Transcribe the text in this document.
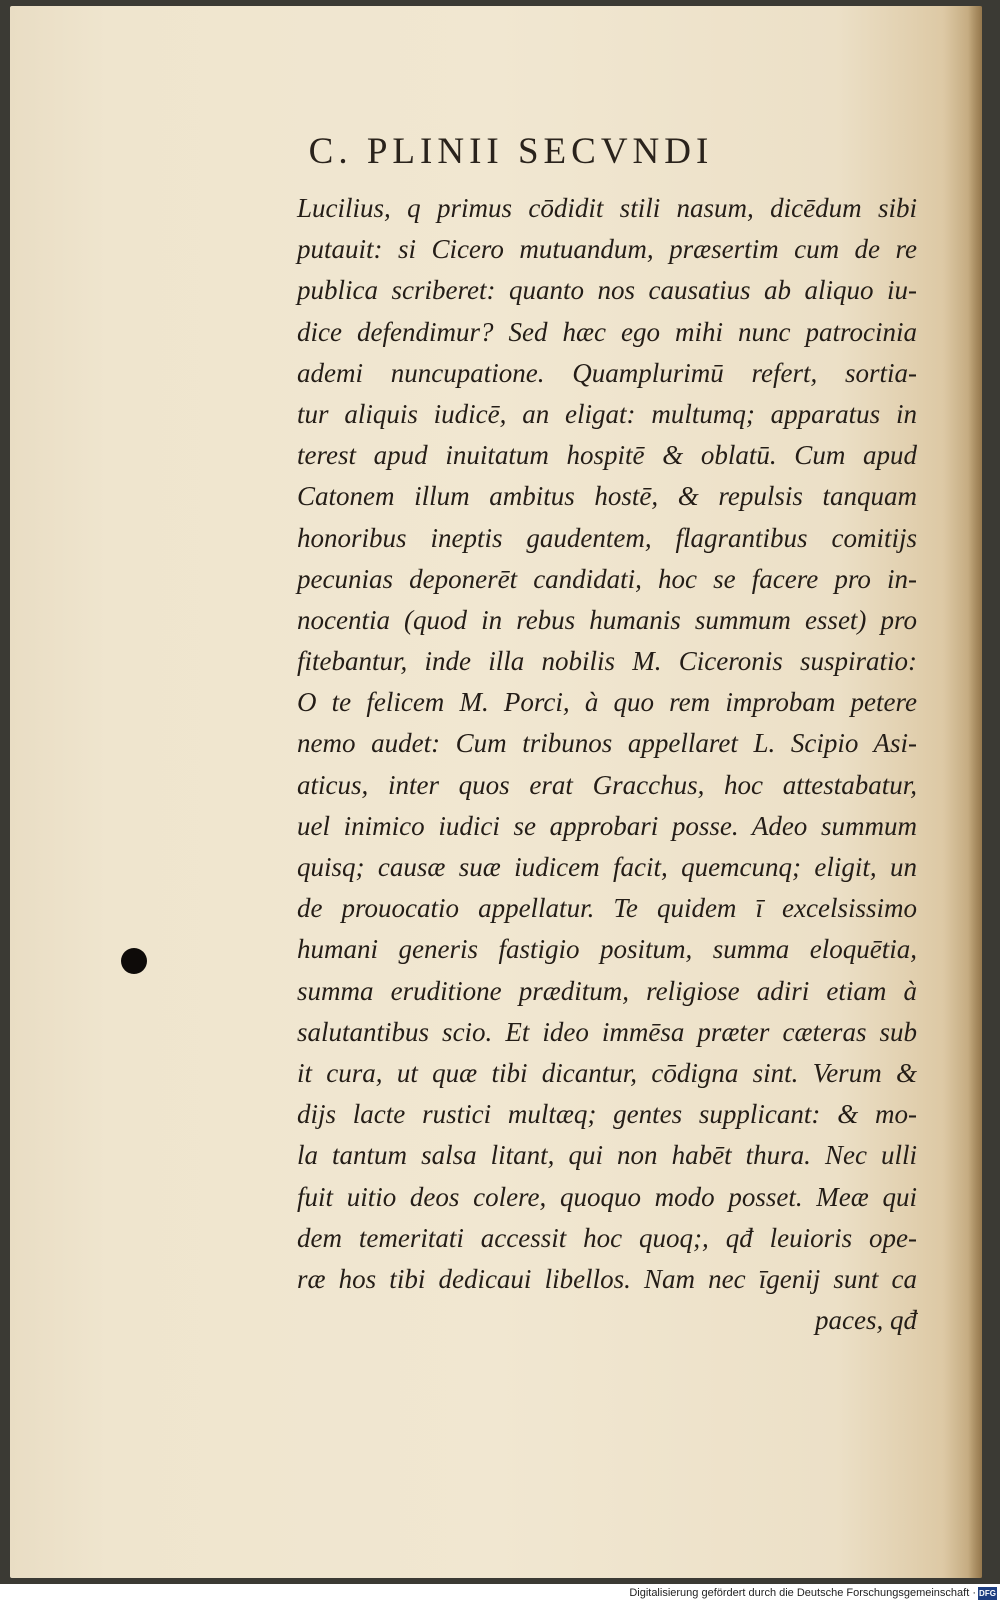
C. PLINII SECVNDI
Lucilius, q primus cōdidit stili nasum, dicēdum sibi
putauit: si Cicero mutuandum, præsertim cum de re
publica scriberet: quanto nos causatius ab aliquo iu-
dice defendimur? Sed hæc ego mihi nunc patrocinia
ademi nuncupatione. Quamplurimū refert, sortia-
tur aliquis iudicē, an eligat: multumq; apparatus in
terest apud inuitatum hospitē & oblatū. Cum apud
Catonem illum ambitus hostē, & repulsis tanquam
honoribus ineptis gaudentem, flagrantibus comitijs
pecunias deponerēt candidati, hoc se facere pro in-
nocentia (quod in rebus humanis summum esset) pro
fitebantur, inde illa nobilis M. Ciceronis suspiratio:
O te felicem M. Porci, à quo rem improbam petere
nemo audet: Cum tribunos appellaret L. Scipio Asi-
aticus, inter quos erat Gracchus, hoc attestabatur,
uel inimico iudici se approbari posse. Adeo summum
quisq; causæ suæ iudicem facit, quemcunq; eligit, un
de prouocatio appellatur. Te quidem ī excelsissimo
humani generis fastigio positum, summa eloquētia,
summa eruditione præditum, religiose adiri etiam à
salutantibus scio. Et ideo immēsa præter cæteras sub
it cura, ut quæ tibi dicantur, cōdigna sint. Verum &
dijs lacte rustici multæq; gentes supplicant: & mo-
la tantum salsa litant, qui non habēt thura. Nec ulli
fuit uitio deos colere, quoquo modo posset. Meæ qui
dem temeritati accessit hoc quoq;, qđ leuioris ope-
ræ hos tibi dedicaui libellos. Nam nec īgenij sunt ca
paces, qđ
Digitalisierung gefördert durch die Deutsche Forschungsgemeinschaft · DFG
